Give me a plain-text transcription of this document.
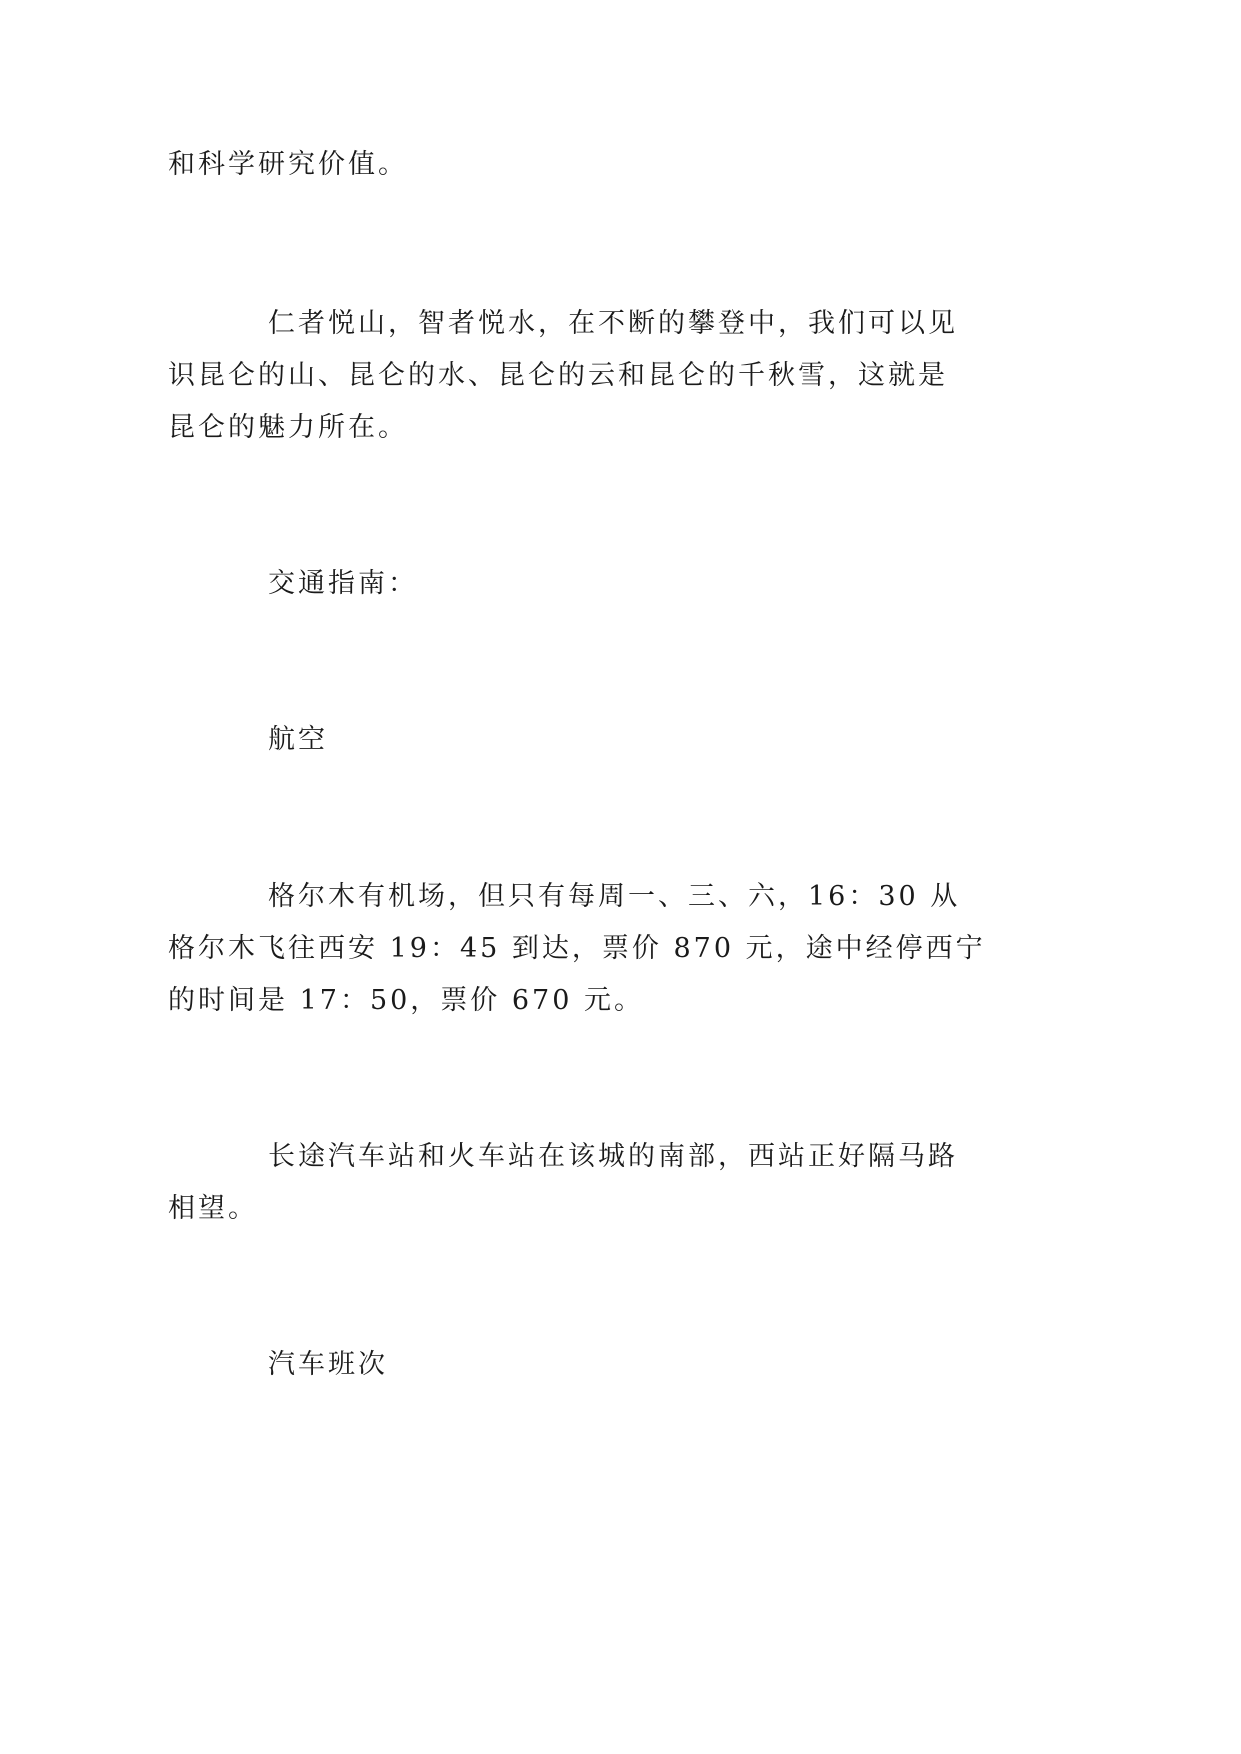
和科学研究价值。

仁者悦山，智者悦水，在不断的攀登中，我们可以见
识昆仑的山、昆仑的水、昆仑的云和昆仑的千秋雪，这就是
昆仑的魅力所在。

交通指南：

航空

格尔木有机场，但只有每周一、三、六，16：30 从
格尔木飞往西安 19：45 到达，票价 870 元，途中经停西宁
的时间是 17：50，票价 670 元。

长途汽车站和火车站在该城的南部，西站正好隔马路
相望。

汽车班次
